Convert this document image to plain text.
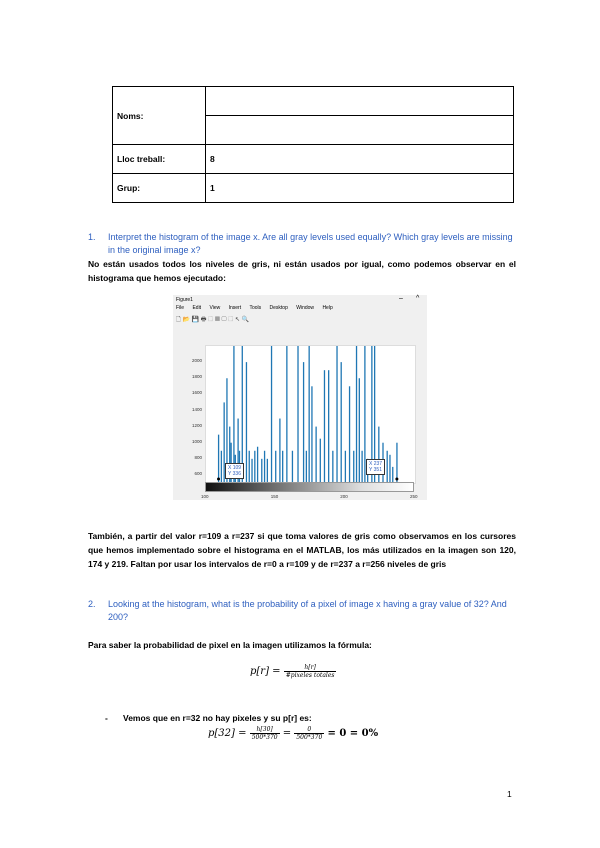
Noms:	

Lloc treball:	8
Grup:	1
1. Interpret the histogram of the image x. Are all gray levels used equally? Which gray levels are missing in the original image x?
No están usados todos los niveles de gris, ni están usados por igual, como podemos observar en el histograma que hemos ejecutado:
Figure1	– ^
File Edit View Insert Tools Desktop Window Help
🗋 📂 💾 🖶 ⬚ ▦ ▢ ⬚ ↖ 🔍
2000
1800
1600
1400
1200
1000
800
600
100	150	200	250
X 109
Y 336
X 237
Y 351
También, a partir del valor r=109 a r=237 si que toma valores de gris como observamos en los cursores que hemos implementado sobre el histograma en el MATLAB, los más utilizados en la imagen son 120, 174 y 219. Faltan por usar los intervalos de r=0 a r=109 y de r=237 a r=256 niveles de gris
2. Looking at the histogram, what is the probability of a pixel of image x having a gray value of 32? And 200?
Para saber la probabilidad de pixel en la imagen utilizamos la fórmula:
$p[r] = \frac{h[r]}{\text{\#pixeles totales}}$
- Vemos que en r=32 no hay pixeles y su p[r] es:
$p[32] = \frac{h[30]}{500*370} = \frac{0}{500*370} = 0 = 0\%$
1
